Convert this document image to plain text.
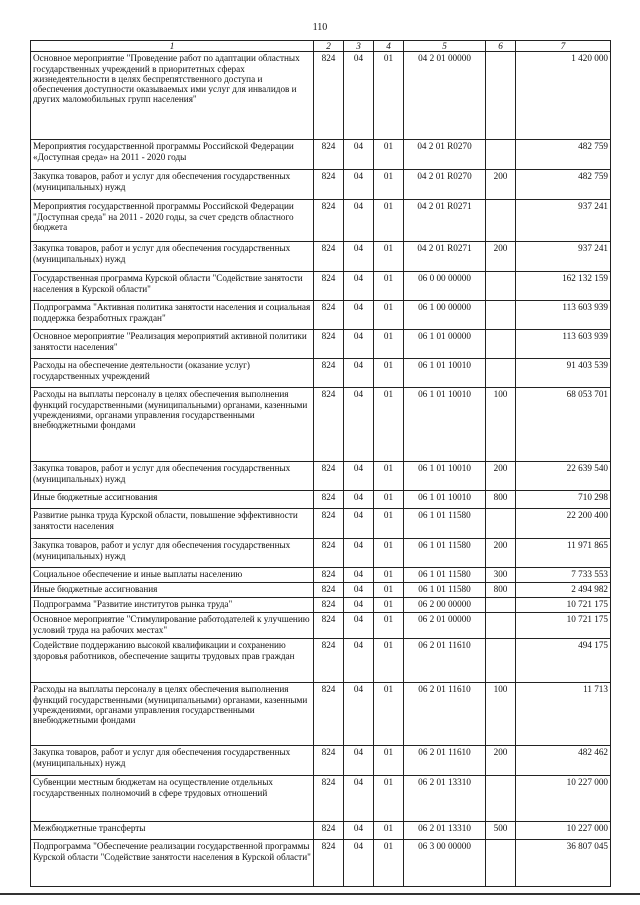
110
1	2	3	4	5	6	7
Основное мероприятие "Проведение работ по адаптации областных государственных учреждений в приоритетных сферах жизнедеятельности в целях беспрепятственного доступа и обеспечения доступности оказываемых ими услуг для инвалидов и других маломобильных групп населения"	824	04	01	04 2 01 00000		1 420 000
Мероприятия государственной программы Российской Федерации «Доступная среда» на 2011 - 2020 годы	824	04	01	04 2 01 R0270		482 759
Закупка товаров, работ и услуг для обеспечения государственных (муниципальных) нужд	824	04	01	04 2 01 R0270	200	482 759
Мероприятия государственной программы Российской Федерации "Доступная среда" на 2011 - 2020 годы, за счет средств областного бюджета	824	04	01	04 2 01 R0271		937 241
Закупка товаров, работ и услуг для обеспечения государственных (муниципальных) нужд	824	04	01	04 2 01 R0271	200	937 241
Государственная программа Курской области "Содействие занятости населения в Курской области"	824	04	01	06 0 00 00000		162 132 159
Подпрограмма "Активная политика занятости населения и социальная поддержка безработных граждан"	824	04	01	06 1 00 00000		113 603 939
Основное мероприятие "Реализация мероприятий активной политики занятости населения"	824	04	01	06 1 01 00000		113 603 939
Расходы на обеспечение деятельности (оказание услуг) государственных учреждений	824	04	01	06 1 01 10010		91 403 539
Расходы на выплаты персоналу в целях обеспечения выполнения функций государственными (муниципальными) органами, казенными учреждениями, органами управления государственными внебюджетными фондами	824	04	01	06 1 01 10010	100	68 053 701
Закупка товаров, работ и услуг для обеспечения государственных (муниципальных) нужд	824	04	01	06 1 01 10010	200	22 639 540
Иные бюджетные ассигнования	824	04	01	06 1 01 10010	800	710 298
Развитие рынка труда Курской области, повышение эффективности занятости населения	824	04	01	06 1 01 11580		22 200 400
Закупка товаров, работ и услуг для обеспечения государственных (муниципальных) нужд	824	04	01	06 1 01 11580	200	11 971 865
Социальное обеспечение и иные выплаты населению	824	04	01	06 1 01 11580	300	7 733 553
Иные бюджетные ассигнования	824	04	01	06 1 01 11580	800	2 494 982
Подпрограмма "Развитие институтов рынка труда"	824	04	01	06 2 00 00000		10 721 175
Основное мероприятие "Стимулирование работодателей к улучшению условий труда на рабочих местах"	824	04	01	06 2 01 00000		10 721 175
Содействие поддержанию высокой квалификации и сохранению здоровья работников, обеспечение защиты трудовых прав граждан	824	04	01	06 2 01 11610		494 175
Расходы на выплаты персоналу в целях обеспечения выполнения функций государственными (муниципальными) органами, казенными учреждениями, органами управления государственными внебюджетными фондами	824	04	01	06 2 01 11610	100	11 713
Закупка товаров, работ и услуг для обеспечения государственных (муниципальных) нужд	824	04	01	06 2 01 11610	200	482 462
Субвенции местным бюджетам на осуществление отдельных государственных полномочий в сфере трудовых отношений	824	04	01	06 2 01 13310		10 227 000
Межбюджетные трансферты	824	04	01	06 2 01 13310	500	10 227 000
Подпрограмма "Обеспечение реализации государственной программы Курской области "Содействие занятости населения в Курской области"	824	04	01	06 3 00 00000		36 807 045
